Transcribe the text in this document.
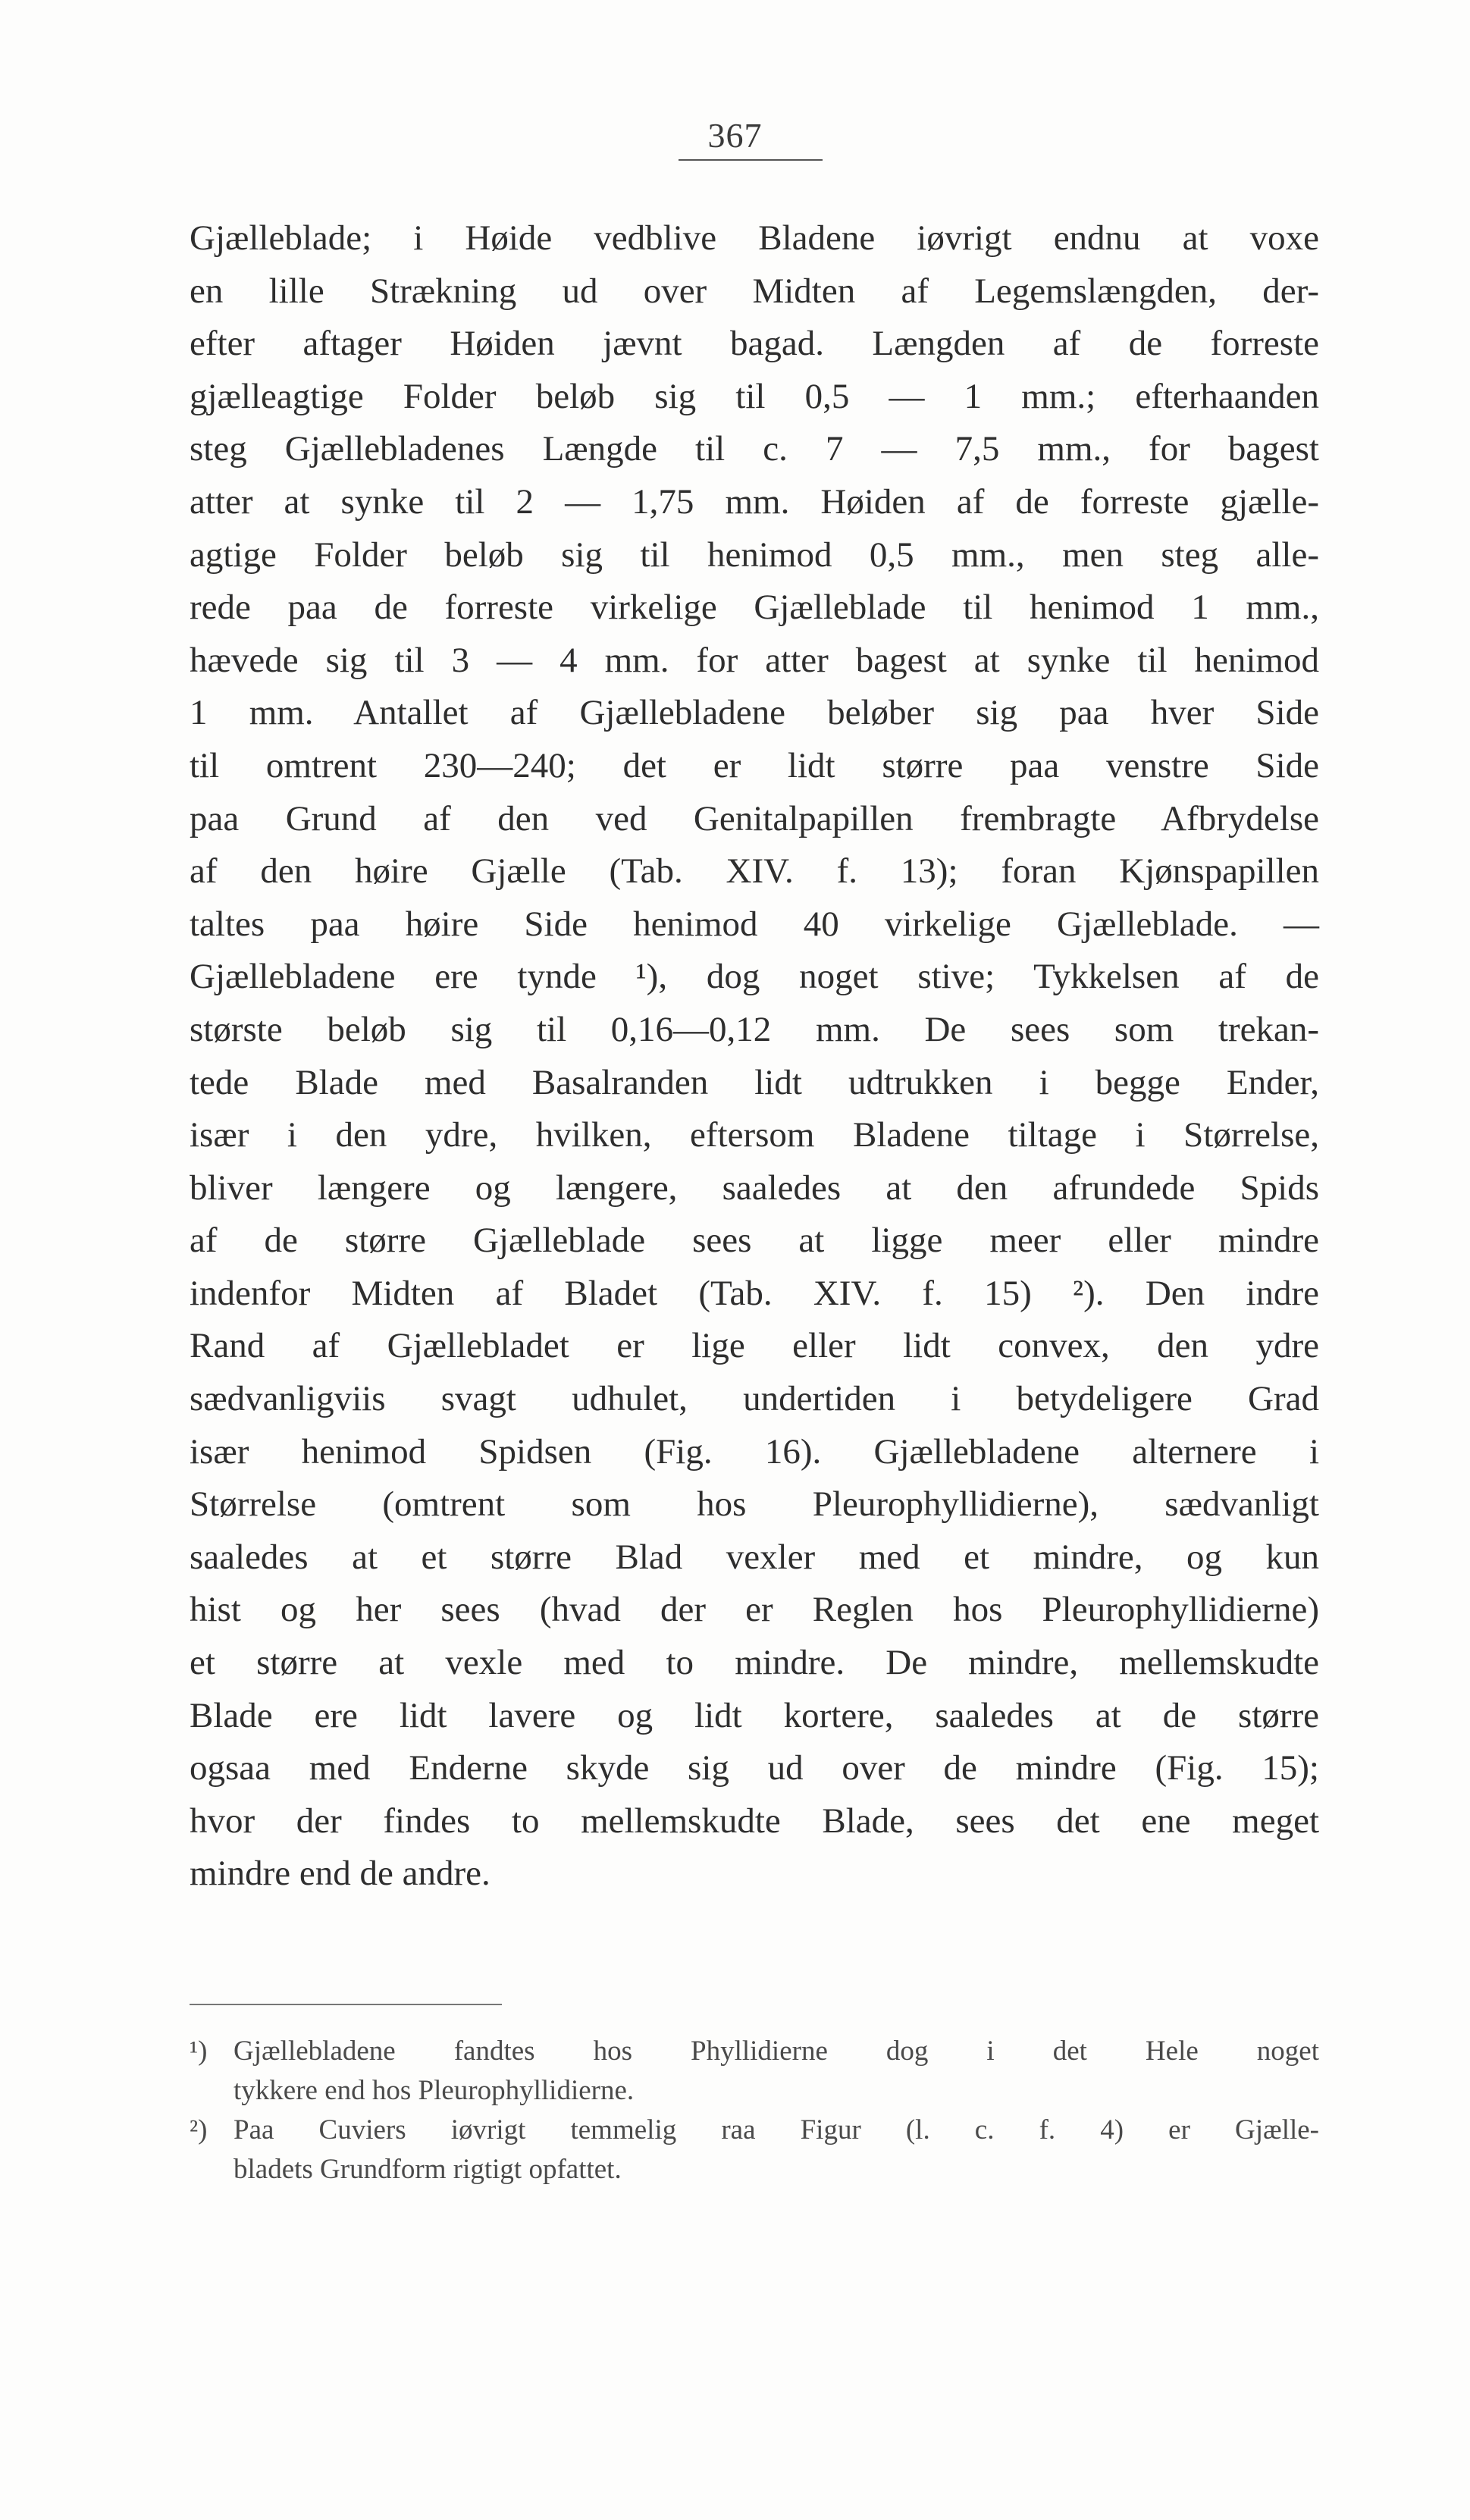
367
Gjælleblade; i Høide vedblive Bladene iøvrigt endnu at voxe
en lille Strækning ud over Midten af Legemslængden, der-
efter aftager Høiden jævnt bagad. Længden af de forreste
gjælleagtige Folder beløb sig til 0,5 — 1 mm.; efterhaanden
steg Gjællebladenes Længde til c. 7 — 7,5 mm., for bagest
atter at synke til 2 — 1,75 mm. Høiden af de forreste gjælle-
agtige Folder beløb sig til henimod 0,5 mm., men steg alle-
rede paa de forreste virkelige Gjælleblade til henimod 1 mm.,
hævede sig til 3 — 4 mm. for atter bagest at synke til henimod
1 mm. Antallet af Gjællebladene beløber sig paa hver Side
til omtrent 230—240; det er lidt større paa venstre Side
paa Grund af den ved Genitalpapillen frembragte Afbrydelse
af den høire Gjælle (Tab. XIV. f. 13); foran Kjønspapillen
taltes paa høire Side henimod 40 virkelige Gjælleblade. —
Gjællebladene ere tynde ¹), dog noget stive; Tykkelsen af de
største beløb sig til 0,16—0,12 mm. De sees som trekan-
tede Blade med Basalranden lidt udtrukken i begge Ender,
især i den ydre, hvilken, eftersom Bladene tiltage i Størrelse,
bliver længere og længere, saaledes at den afrundede Spids
af de større Gjælleblade sees at ligge meer eller mindre
indenfor Midten af Bladet (Tab. XIV. f. 15) ²). Den indre
Rand af Gjællebladet er lige eller lidt convex, den ydre
sædvanligviis svagt udhulet, undertiden i betydeligere Grad
især henimod Spidsen (Fig. 16). Gjællebladene alternere i
Størrelse (omtrent som hos Pleurophyllidierne), sædvanligt
saaledes at et større Blad vexler med et mindre, og kun
hist og her sees (hvad der er Reglen hos Pleurophyllidierne)
et større at vexle med to mindre. De mindre, mellemskudte
Blade ere lidt lavere og lidt kortere, saaledes at de større
ogsaa med Enderne skyde sig ud over de mindre (Fig. 15);
hvor der findes to mellemskudte Blade, sees det ene meget
mindre end de andre.
¹) Gjællebladene fandtes hos Phyllidierne dog i det Hele noget
tykkere end hos Pleurophyllidierne.
²) Paa Cuviers iøvrigt temmelig raa Figur (l. c. f. 4) er Gjælle-
bladets Grundform rigtigt opfattet.
